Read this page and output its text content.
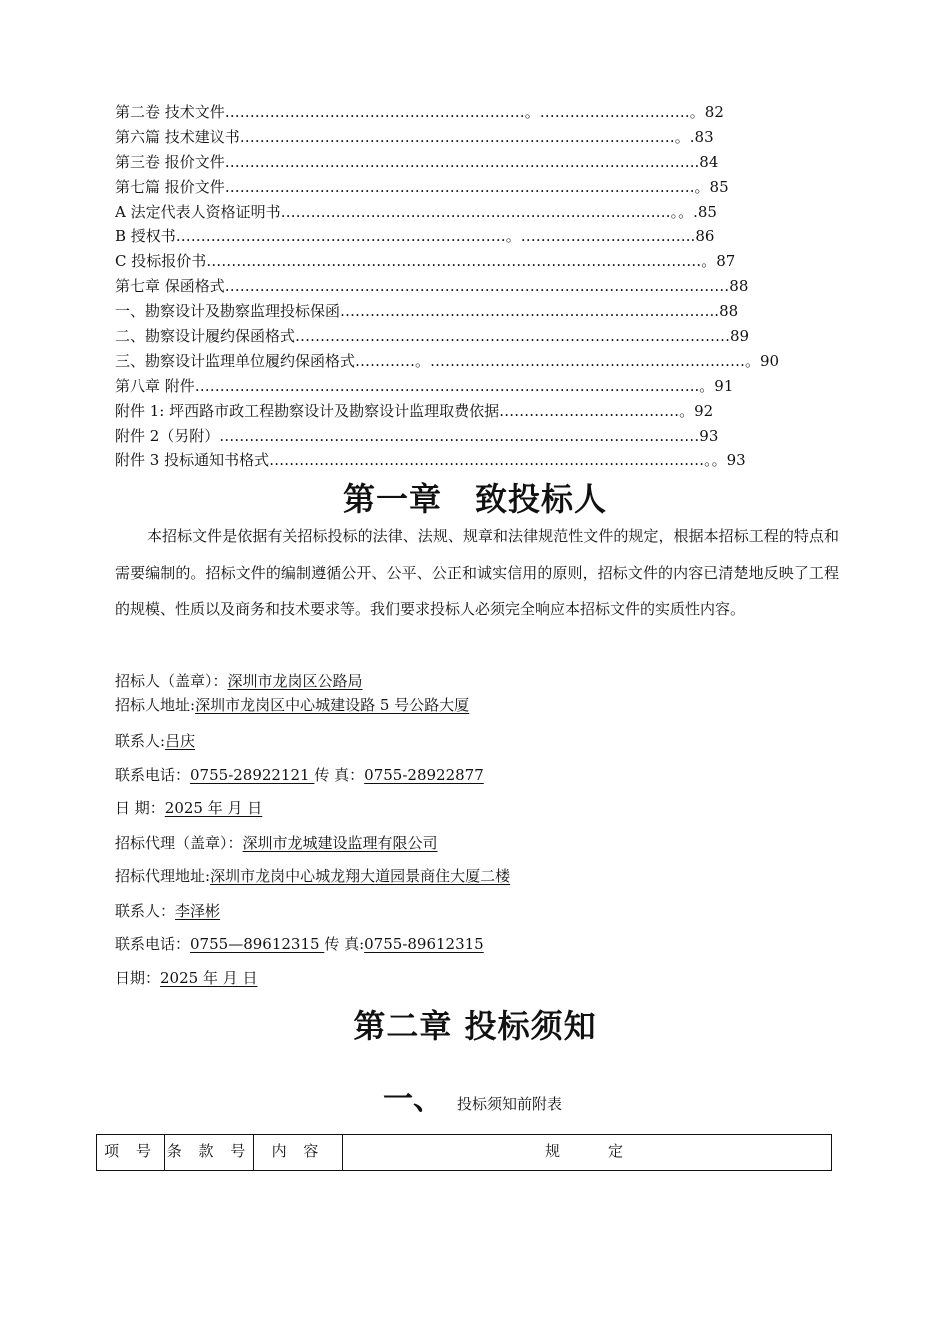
第二卷 技术文件……………………………………………………。…………………………。82
第六篇 技术建议书……………………………………………………………………………。.83
第三卷 报价文件…………………………………………………………………………………..84
第七篇 报价文件………………………………………………………………………………….。85
A 法定代表人资格证明书……………………………………………………………………。。.85
B 授权书…………………………………………………………。……………………………..86
C 投标报价书………………………………………………………………………………………。87
第七章 保函格式………………………………………………………………..………………………88
一、勘察设计及勘察监理投标保函……………………………………..…………………………..88
二、勘察设计履约保函格式……………………………………………………………………………89
三、勘察设计监理单位履约保函格式…………。………………………………………………………。90
第八章 附件………………………………………………………………………………………..。91
附件 1: 坪西路市政工程勘察设计及勘察设计监理取费依据………………………………。92
附件 2（另附）……………………………………………………………………………………93
附件 3 投标通知书格式……………………………………………………………………………。。93
第一章　致投标人
本招标文件是依据有关招标投标的法律、法规、规章和法律规范性文件的规定，根据本招标工程的特点和需要编制的。招标文件的编制遵循公开、公平、公正和诚实信用的原则，招标文件的内容已清楚地反映了工程的规模、性质以及商务和技术要求等。我们要求投标人必须完全响应本招标文件的实质性内容。
招标人（盖章）：深圳市龙岗区公路局
招标人地址:深圳市龙岗区中心城建设路 5 号公路大厦
联系人:吕庆
联系电话：0755-28922121 传 真：0755-28922877
日 期：2025 年 月 日
招标代理（盖章）：深圳市龙城建设监理有限公司
招标代理地址:深圳市龙岗中心城龙翔大道园景商住大厦二楼
联系人：李泽彬
联系电话：0755—89612315 传 真:0755-89612315
日期：2025 年 月 日
第二章 投标须知
一、 投标须知前附表
项 号	条 款 号	内 容	规　　定
